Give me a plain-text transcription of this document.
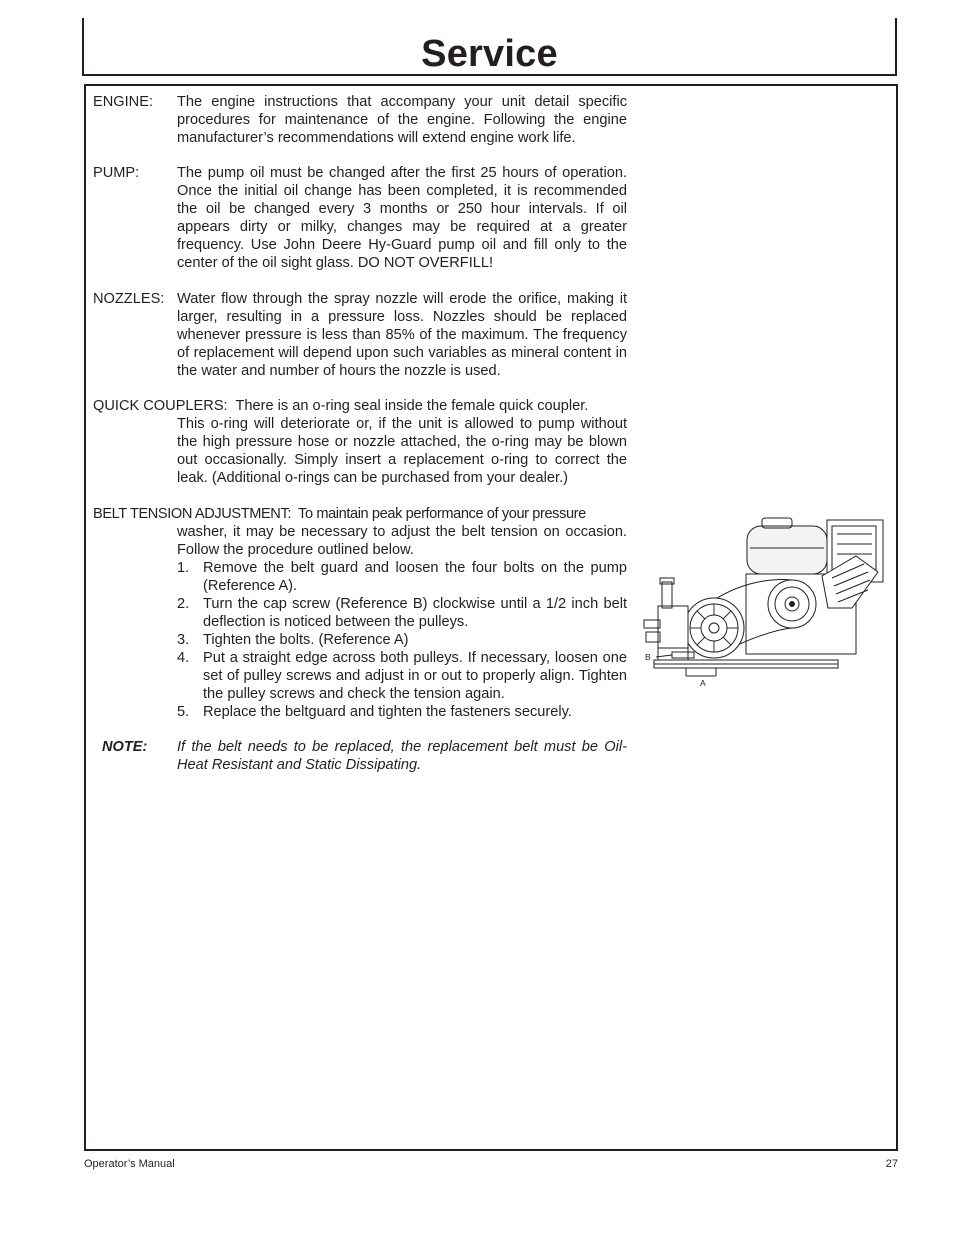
Service
ENGINE: The engine instructions that accompany your unit detail specific procedures for maintenance of the engine. Following the engine manufacturer’s recommendations will extend engine work life.
PUMP:	The pump oil must be changed after the first 25 hours of operation. Once the initial oil change has been completed, it is recommended the oil be changed every 3 months or 250 hour intervals. If oil appears dirty or milky, changes may be required at a greater frequency. Use John Deere Hy-Guard pump oil and fill only to the center of the oil sight glass. DO NOT OVERFILL!
NOZZLES: Water flow through the spray nozzle will erode the orifice, making it larger, resulting in a pressure loss. Nozzles should be replaced whenever pressure is less than 85% of the maximum. The frequency of replacement will depend upon such variables as mineral content in the water and number of hours the nozzle is used.
QUICK COUPLERS: There is an o-ring seal inside the female quick coupler.
This o-ring will deteriorate or, if the unit is allowed to pump without the high pressure hose or nozzle attached, the o-ring may be blown out occasionally. Simply insert a replacement o-ring to correct the leak. (Additional o-rings can be purchased from your dealer.)
BELT TENSION ADJUSTMENT: To maintain peak performance of your pressure
washer, it may be necessary to adjust the belt tension on occasion. Follow the procedure outlined below.
1. Remove the belt guard and loosen the four bolts on the pump (Reference A).
2. Turn the cap screw (Reference B) clockwise until a 1/2 inch belt deflection is noticed between the pulleys.
3. Tighten the bolts. (Reference A)
4. Put a straight edge across both pulleys. If necessary, loosen one set of pulley screws and adjust in or out to properly align. Tighten the pulley screws and check the tension again.
5. Replace the beltguard and tighten the fasteners securely.
NOTE: If the belt needs to be replaced, the replacement belt must be Oil-Heat Resistant and Static Dissipating.
A
B
Operator’s Manual	27
